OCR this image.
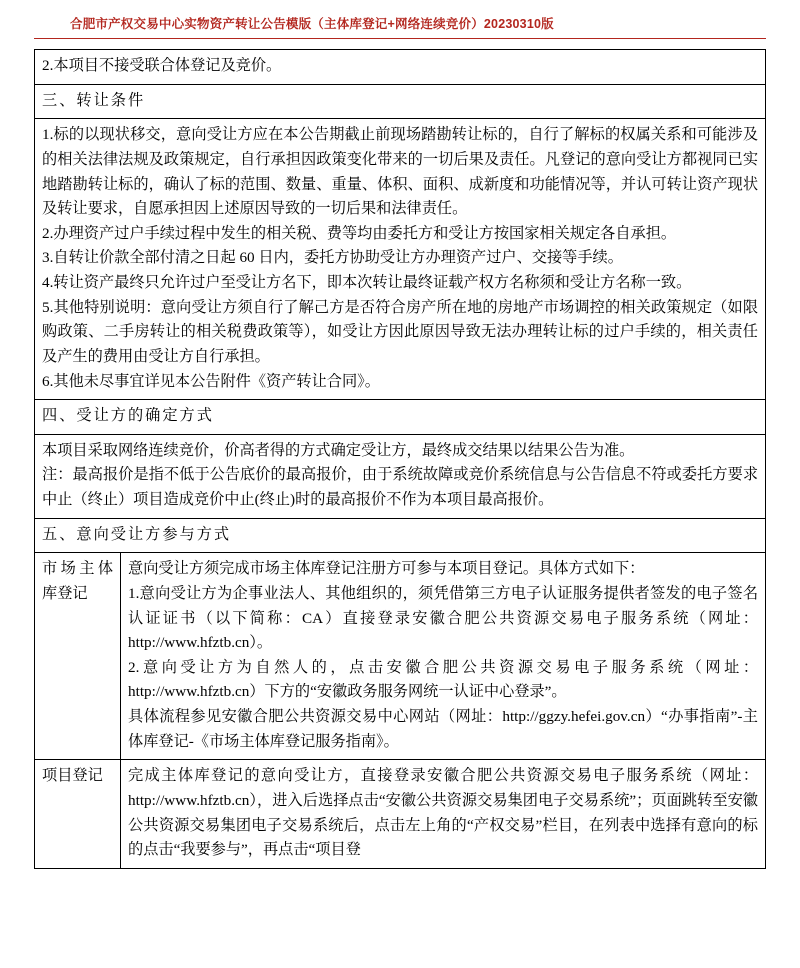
合肥市产权交易中心实物资产转让公告模版（主体库登记+网络连续竞价）20230310版

2.本项目不接受联合体登记及竞价。	

三、转让条件	

1.标的以现状移交，意向受让方应在本公告期截止前现场踏勘转让标的，自行了解标的权属关系和可能涉及的相关法律法规及政策规定，自行承担因政策变化带来的一切后果及责任。凡登记的意向受让方都视同已实地踏勘转让标的，确认了标的范围、数量、重量、体积、面积、成新度和功能情况等，并认可转让资产现状及转让要求，自愿承担因上述原因导致的一切后果和法律责任。

2.办理资产过户手续过程中发生的相关税、费等均由委托方和受让方按国家相关规定各自承担。

3.自转让价款全部付清之日起 60 日内，委托方协助受让方办理资产过户、交接等手续。

4.转让资产最终只允许过户至受让方名下，即本次转让最终证载产权方名称须和受让方名称一致。

5.其他特别说明：意向受让方须自行了解己方是否符合房产所在地的房地产市场调控的相关政策规定（如限购政策、二手房转让的相关税费政策等），如受让方因此原因导致无法办理转让标的过户手续的，相关责任及产生的费用由受让方自行承担。

6.其他未尽事宜详见本公告附件《资产转让合同》。

四、受让方的确定方式	

本项目采取网络连续竞价，价高者得的方式确定受让方，最终成交结果以结果公告为准。

注：最高报价是指不低于公告底价的最高报价，由于系统故障或竞价系统信息与公告信息不符或委托方要求中止（终止）项目造成竞价中止(终止)时的最高报价不作为本项目最高报价。	

五、意向受让方参与方式	
市场主体库登记	意向受让方须完成市场主体库登记注册方可参与本项目登记。具体方式如下：

1.意向受让方为企事业法人、其他组织的，须凭借第三方电子认证服务提供者签发的电子签名认证证书（以下简称：CA）直接登录安徽合肥公共资源交易电子服务系统（网址：http://www.hfztb.cn）。

2.意向受让方为自然人的，点击安徽合肥公共资源交易电子服务系统（网址：http://www.hfztb.cn）下方的“安徽政务服务网统一认证中心登录”。

具体流程参见安徽合肥公共资源交易中心网站（网址：http://ggzy.hefei.gov.cn）“办事指南”-主体库登记-《市场主体库登记服务指南》。

项目登记	完成主体库登记的意向受让方，直接登录安徽合肥公共资源交易电子服务系统（网址：http://www.hfztb.cn），进入后选择点击“安徽公共资源交易集团电子交易系统”；页面跳转至安徽公共资源交易集团电子交易系统后，点击左上角的“产权交易”栏目，在列表中选择有意向的标的点击“我要参与”，再点击“项目登
